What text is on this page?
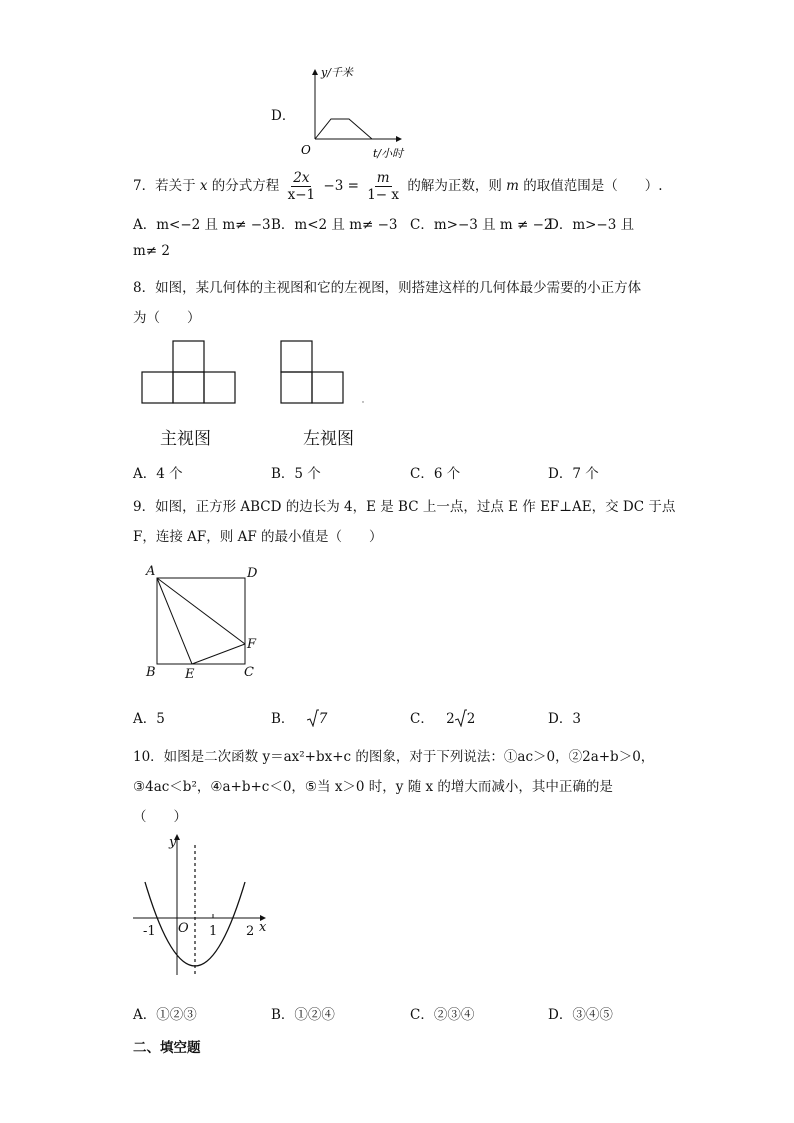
D．
y/千米
O	t/小时
7．若关于 x 的分式方程 $\frac{2x}{x-1} -3 = \frac{m}{1- x}$ 的解为正数，则 m 的取值范围是（　　）.
A．m<−2 且 m≠ −3 B．m<2 且 m≠ −3 C．m>−3 且 m ≠ −2
D．m>−3 且
m≠ 2
8．如图，某几何体的主视图和它的左视图，则搭建这样的几何体最少需要的小正方体
为（　　）
主视图	左视图
A．4 个	B．5 个	C．6 个	D．7 个
9．如图，正方形 ABCD 的边长为 4，E 是 BC 上一点，过点 E 作 EF⊥AE，交 DC 于点
F，连接 AF，则 AF 的最小值是（　　）
A	D
F
B E	C
A．5	B． 7	C． 2 2	D．3
10．如图是二次函数 y＝ax²+bx+c 的图象，对于下列说法：①ac＞0，②2a+b＞0，
③4ac＜b²，④a+b+c＜0，⑤当 x＞0 时，y 随 x 的增大而减小，其中正确的是
（　　）
y
x
O
-1	1 2
A．①②③	B．①②④	C．②③④	D．③④⑤
二、填空题
